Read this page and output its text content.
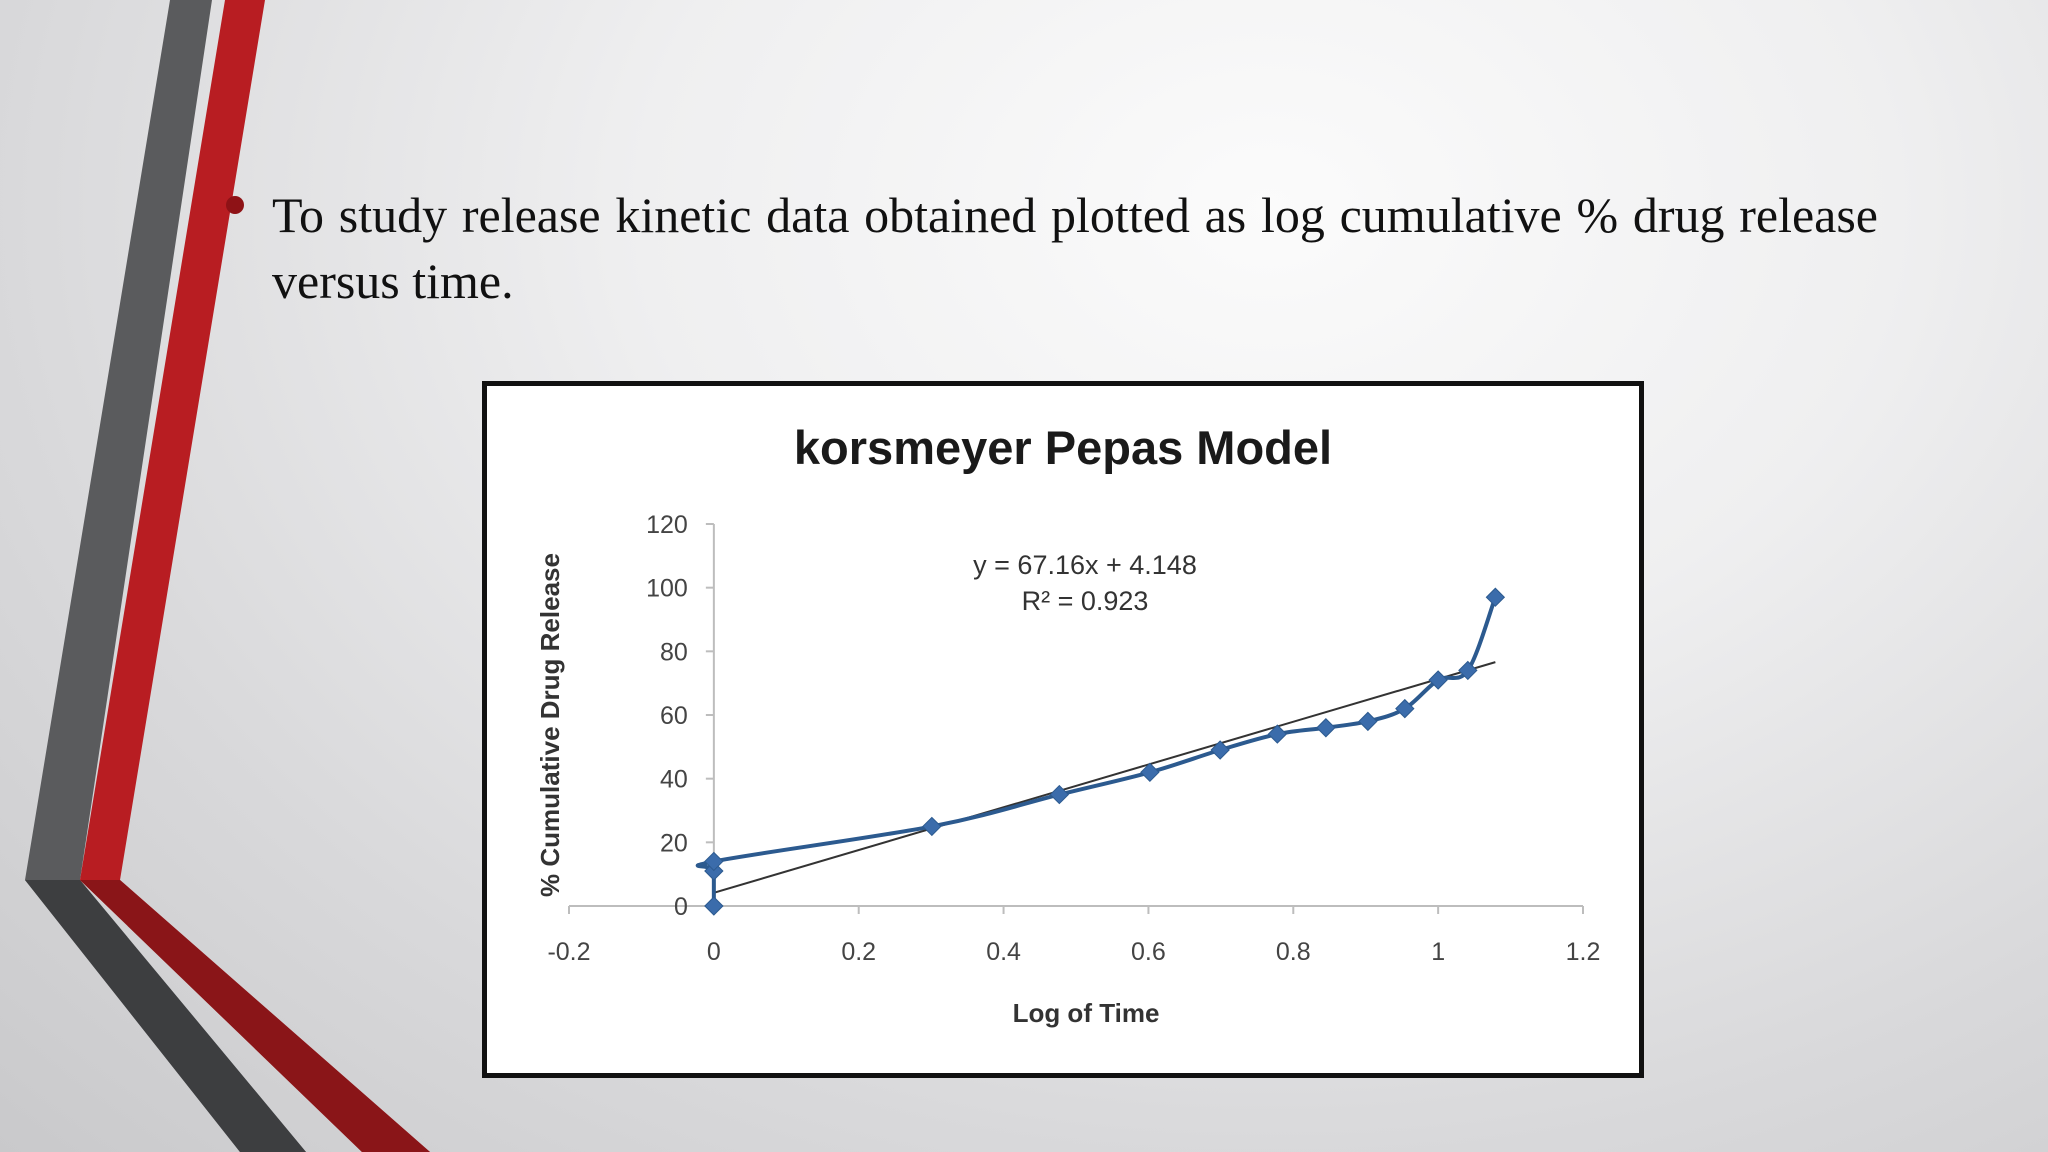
To study release kinetic data obtained plotted as log cumulative % drug release versus time.
-0.2	0	0.2	0.4	0.6	0.8	1	1.2
0
20
40
60
80
100
120
Log of Time
% Cumulative Drug Release	y = 67.16x + 4.148
R² = 0.923
korsmeyer Pepas Model
